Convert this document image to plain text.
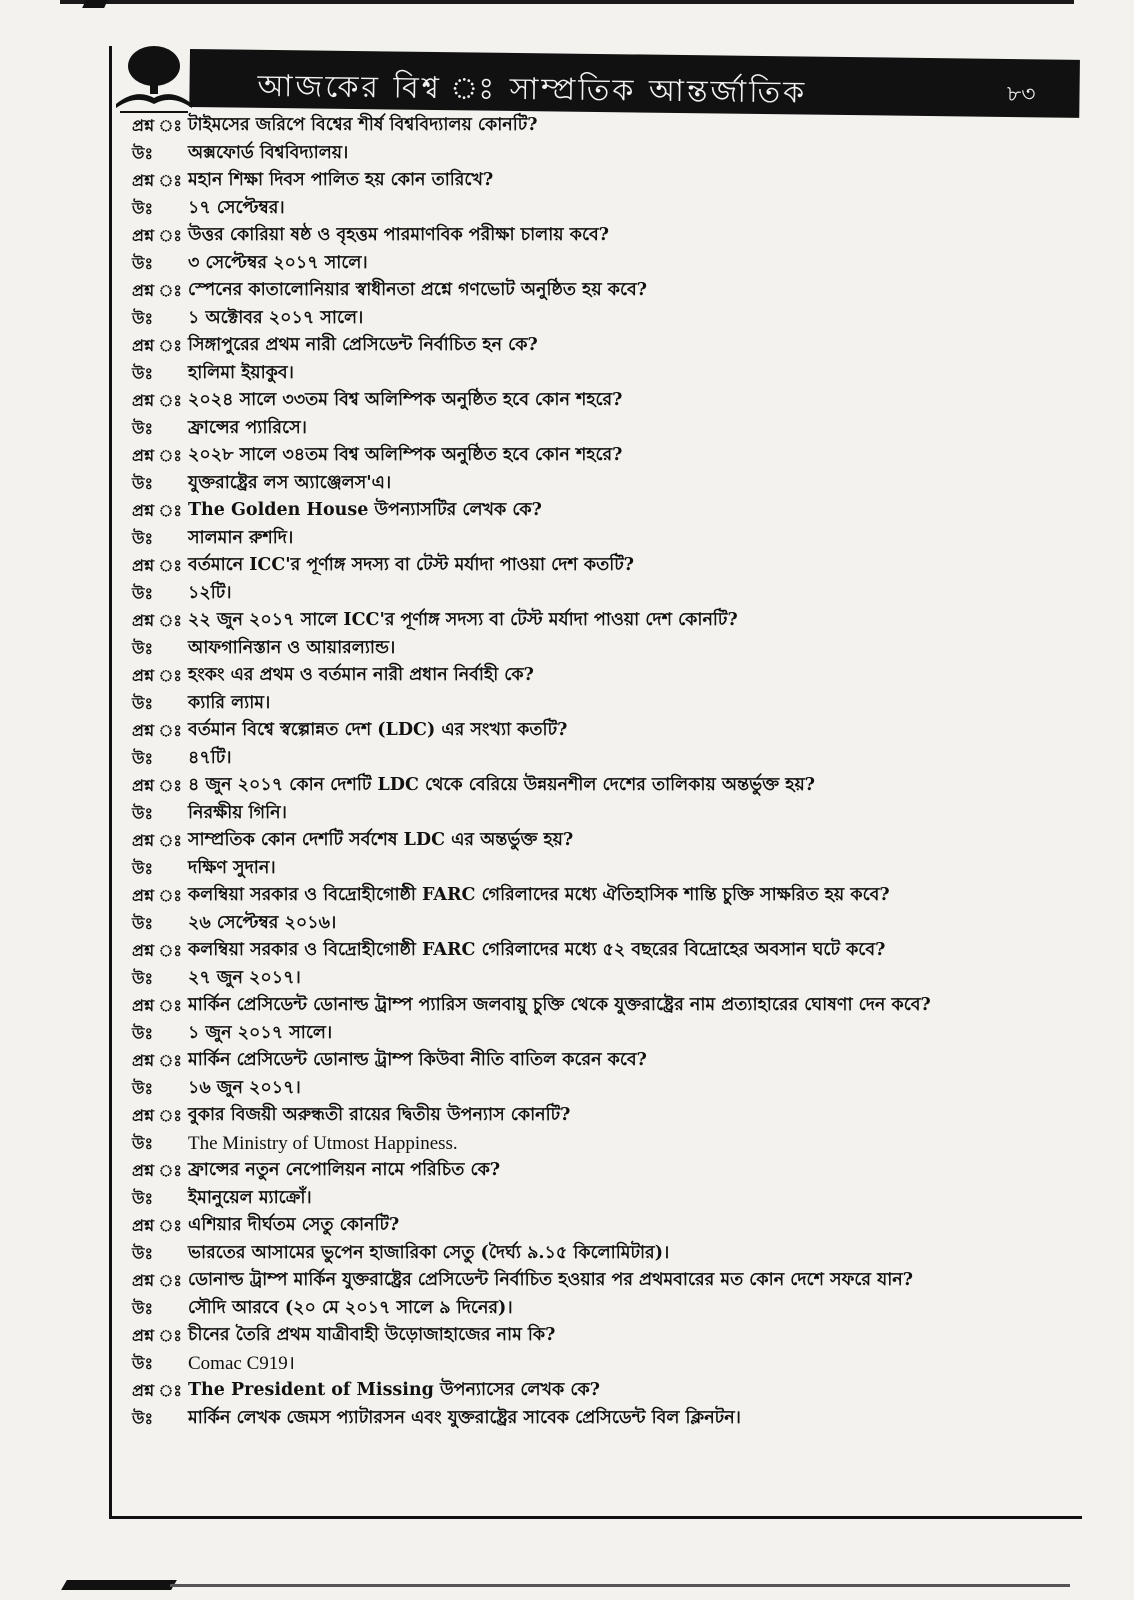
আজকের বিশ্ব ঃ সাম্প্রতিক আন্তর্জাতিক	৮৩
প্রশ্ন ঃ টাইমসের জরিপে বিশ্বের শীর্ষ বিশ্ববিদ্যালয় কোনটি?
উঃ	অক্সফোর্ড বিশ্ববিদ্যালয়।
প্রশ্ন ঃ মহান শিক্ষা দিবস পালিত হয় কোন তারিখে?
উঃ	১৭ সেপ্টেম্বর।
প্রশ্ন ঃ উত্তর কোরিয়া ষষ্ঠ ও বৃহত্তম পারমাণবিক পরীক্ষা চালায় কবে?
উঃ	৩ সেপ্টেম্বর ২০১৭ সালে।
প্রশ্ন ঃ স্পেনের কাতালোনিয়ার স্বাধীনতা প্রশ্নে গণভোট অনুষ্ঠিত হয় কবে?
উঃ	১ অক্টোবর ২০১৭ সালে।
প্রশ্ন ঃ সিঙ্গাপুরের প্রথম নারী প্রেসিডেন্ট নির্বাচিত হন কে?
উঃ	হালিমা ইয়াকুব।
প্রশ্ন ঃ ২০২৪ সালে ৩৩তম বিশ্ব অলিম্পিক অনুষ্ঠিত হবে কোন শহরে?
উঃ	ফ্রান্সের প্যারিসে।
প্রশ্ন ঃ ২০২৮ সালে ৩৪তম বিশ্ব অলিম্পিক অনুষ্ঠিত হবে কোন শহরে?
উঃ	যুক্তরাষ্ট্রের লস অ্যাঞ্জেলস'এ।
প্রশ্ন ঃ The Golden House উপন্যাসটির লেখক কে?
উঃ	সালমান রুশদি।
প্রশ্ন ঃ বর্তমানে ICC'র পূর্ণাঙ্গ সদস্য বা টেস্ট মর্যাদা পাওয়া দেশ কতটি?
উঃ	১২টি।
প্রশ্ন ঃ ২২ জুন ২০১৭ সালে ICC'র পূর্ণাঙ্গ সদস্য বা টেস্ট মর্যাদা পাওয়া দেশ কোনটি?
উঃ	আফগানিস্তান ও আয়ারল্যান্ড।
প্রশ্ন ঃ হংকং এর প্রথম ও বর্তমান নারী প্রধান নির্বাহী কে?
উঃ	ক্যারি ল্যাম।
প্রশ্ন ঃ বর্তমান বিশ্বে স্বল্পোন্নত দেশ (LDC) এর সংখ্যা কতটি?
উঃ	৪৭টি।
প্রশ্ন ঃ ৪ জুন ২০১৭ কোন দেশটি LDC থেকে বেরিয়ে উন্নয়নশীল দেশের তালিকায় অন্তর্ভুক্ত হয়?
উঃ	নিরক্ষীয় গিনি।
প্রশ্ন ঃ সাম্প্রতিক কোন দেশটি সর্বশেষ LDC এর অন্তর্ভুক্ত হয়?
উঃ	দক্ষিণ সুদান।
প্রশ্ন ঃ কলম্বিয়া সরকার ও বিদ্রোহীগোষ্ঠী FARC গেরিলাদের মধ্যে ঐতিহাসিক শান্তি চুক্তি সাক্ষরিত হয় কবে?
উঃ	২৬ সেপ্টেম্বর ২০১৬।
প্রশ্ন ঃ কলম্বিয়া সরকার ও বিদ্রোহীগোষ্ঠী FARC গেরিলাদের মধ্যে ৫২ বছরের বিদ্রোহের অবসান ঘটে কবে?
উঃ	২৭ জুন ২০১৭।
প্রশ্ন ঃ মার্কিন প্রেসিডেন্ট ডোনাল্ড ট্রাম্প প্যারিস জলবায়ু চুক্তি থেকে যুক্তরাষ্ট্রের নাম প্রত্যাহারের ঘোষণা দেন কবে?
উঃ	১ জুন ২০১৭ সালে।
প্রশ্ন ঃ মার্কিন প্রেসিডেন্ট ডোনাল্ড ট্রাম্প কিউবা নীতি বাতিল করেন কবে?
উঃ	১৬ জুন ২০১৭।
প্রশ্ন ঃ বুকার বিজয়ী অরুন্ধতী রায়ের দ্বিতীয় উপন্যাস কোনটি?
উঃ	The Ministry of Utmost Happiness.
প্রশ্ন ঃ ফ্রান্সের নতুন নেপোলিয়ন নামে পরিচিত কে?
উঃ	ইমানুয়েল ম্যাক্রোঁ।
প্রশ্ন ঃ এশিয়ার দীর্ঘতম সেতু কোনটি?
উঃ	ভারতের আসামের ভুপেন হাজারিকা সেতু (দৈর্ঘ্য ৯.১৫ কিলোমিটার)।
প্রশ্ন ঃ ডোনাল্ড ট্রাম্প মার্কিন যুক্তরাষ্ট্রের প্রেসিডেন্ট নির্বাচিত হওয়ার পর প্রথমবারের মত কোন দেশে সফরে যান?
উঃ	সৌদি আরবে (২০ মে ২০১৭ সালে ৯ দিনের)।
প্রশ্ন ঃ চীনের তৈরি প্রথম যাত্রীবাহী উড়োজাহাজের নাম কি?
উঃ	Comac C919।
প্রশ্ন ঃ The President of Missing উপন্যাসের লেখক কে?
উঃ	মার্কিন লেখক জেমস প্যাটারসন এবং যুক্তরাষ্ট্রের সাবেক প্রেসিডেন্ট বিল ক্লিনটন।
